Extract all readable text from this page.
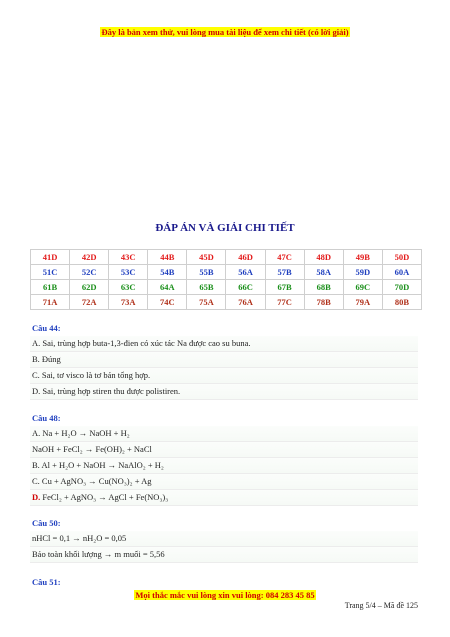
Đây là bản xem thử, vui lòng mua tài liệu để xem chi tiết (có lời giải)
ĐÁP ÁN VÀ GIẢI CHI TIẾT
41D	42D	43C	44B	45D	46D	47C	48D	49B	50D
51C	52C	53C	54B	55B	56A	57B	58A	59D	60A
61B	62D	63C	64A	65B	66C	67B	68B	69C	70D
71A	72A	73A	74C	75A	76A	77C	78B	79A	80B
Câu 44:
A. Sai, trùng hợp buta-1,3-đien có xúc tác Na được cao su buna.
B. Đúng
C. Sai, tơ visco là tơ bán tổng hợp.
D. Sai, trùng hợp stiren thu được polistiren.
Câu 48:
A. Na + H₂O → NaOH + H₂
NaOH + FeCl₂ → Fe(OH)₂ + NaCl
B. Al + H₂O + NaOH → NaAlO₂ + H₂
C. Cu + AgNO₃ → Cu(NO₃)₂ + Ag
D. FeCl₂ + AgNO₃ → AgCl + Fe(NO₃)₃
Câu 50:
nHCl = 0,1 → nH₂O = 0,05
Bảo toàn khối lượng → m muối = 5,56
Câu 51:
Mọi thắc mắc vui lòng xin vui lòng: 084 283 45 85
Trang 5/4 – Mã đề 125
